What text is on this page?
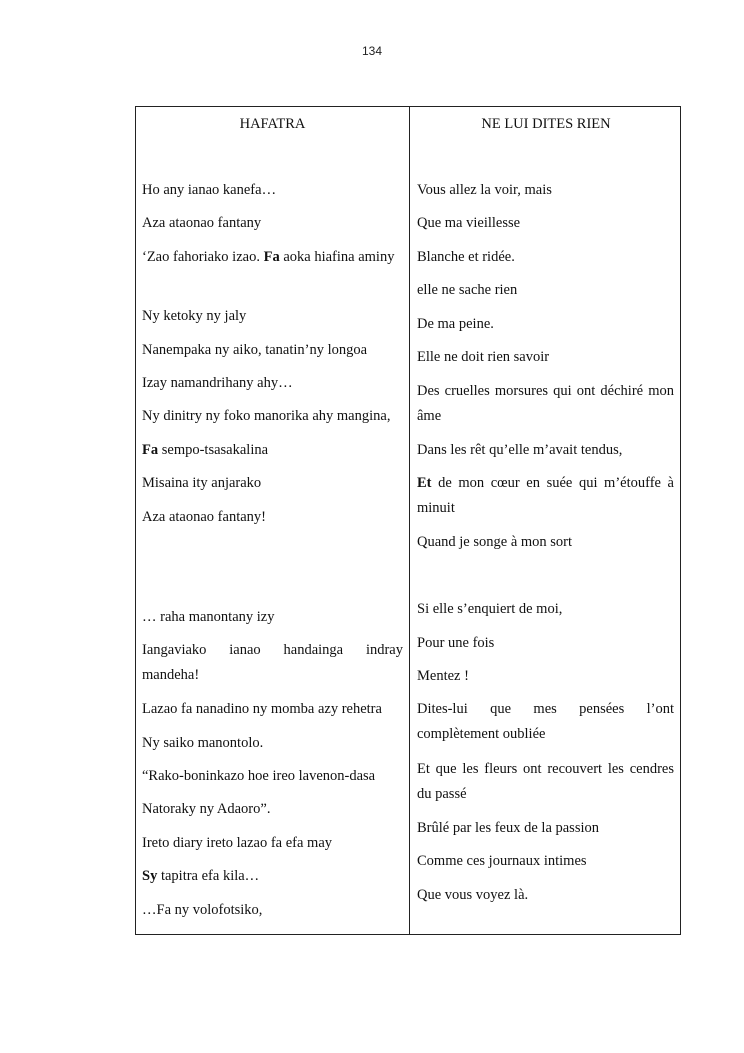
134
HAFATRA
Ho any ianao kanefa…
Aza ataonao fantany
‘Zao fahoriako izao. Fa aoka hiafina aminy
Ny ketoky ny jaly
Nanempaka ny aiko, tanatin’ny longoa
Izay namandrihany ahy…
Ny dinitry ny foko manorika ahy mangina,
Fa sempo-tsasakalina
Misaina ity anjarako
Aza ataonao fantany!
… raha manontany izy
Iangaviako ianao handainga indray mandeha!
Lazao fa nanadino ny momba azy rehetra
Ny saiko manontolo.
“Rako-boninkazo hoe ireo lavenon-dasa
Natoraky ny Adaoro”.
Ireto diary ireto lazao fa efa may
Sy tapitra efa kila…
…Fa ny volofotsiko,
NE LUI DITES RIEN
Vous allez la voir, mais
Que ma vieillesse
Blanche et ridée.
elle ne sache rien
De ma peine.
Elle ne doit rien savoir
Des cruelles morsures qui ont déchiré mon âme
Dans les rêt qu’elle m’avait tendus,
Et de mon cœur en suée qui m’étouffe à minuit
Quand je songe à mon sort
Si elle s’enquiert de moi,
Pour une fois
Mentez !
Dites-lui que mes pensées l’ont complètement oubliée
Et que les fleurs ont recouvert les cendres du passé
Brûlé par les feux de la passion
Comme ces journaux intimes
Que vous voyez là.
